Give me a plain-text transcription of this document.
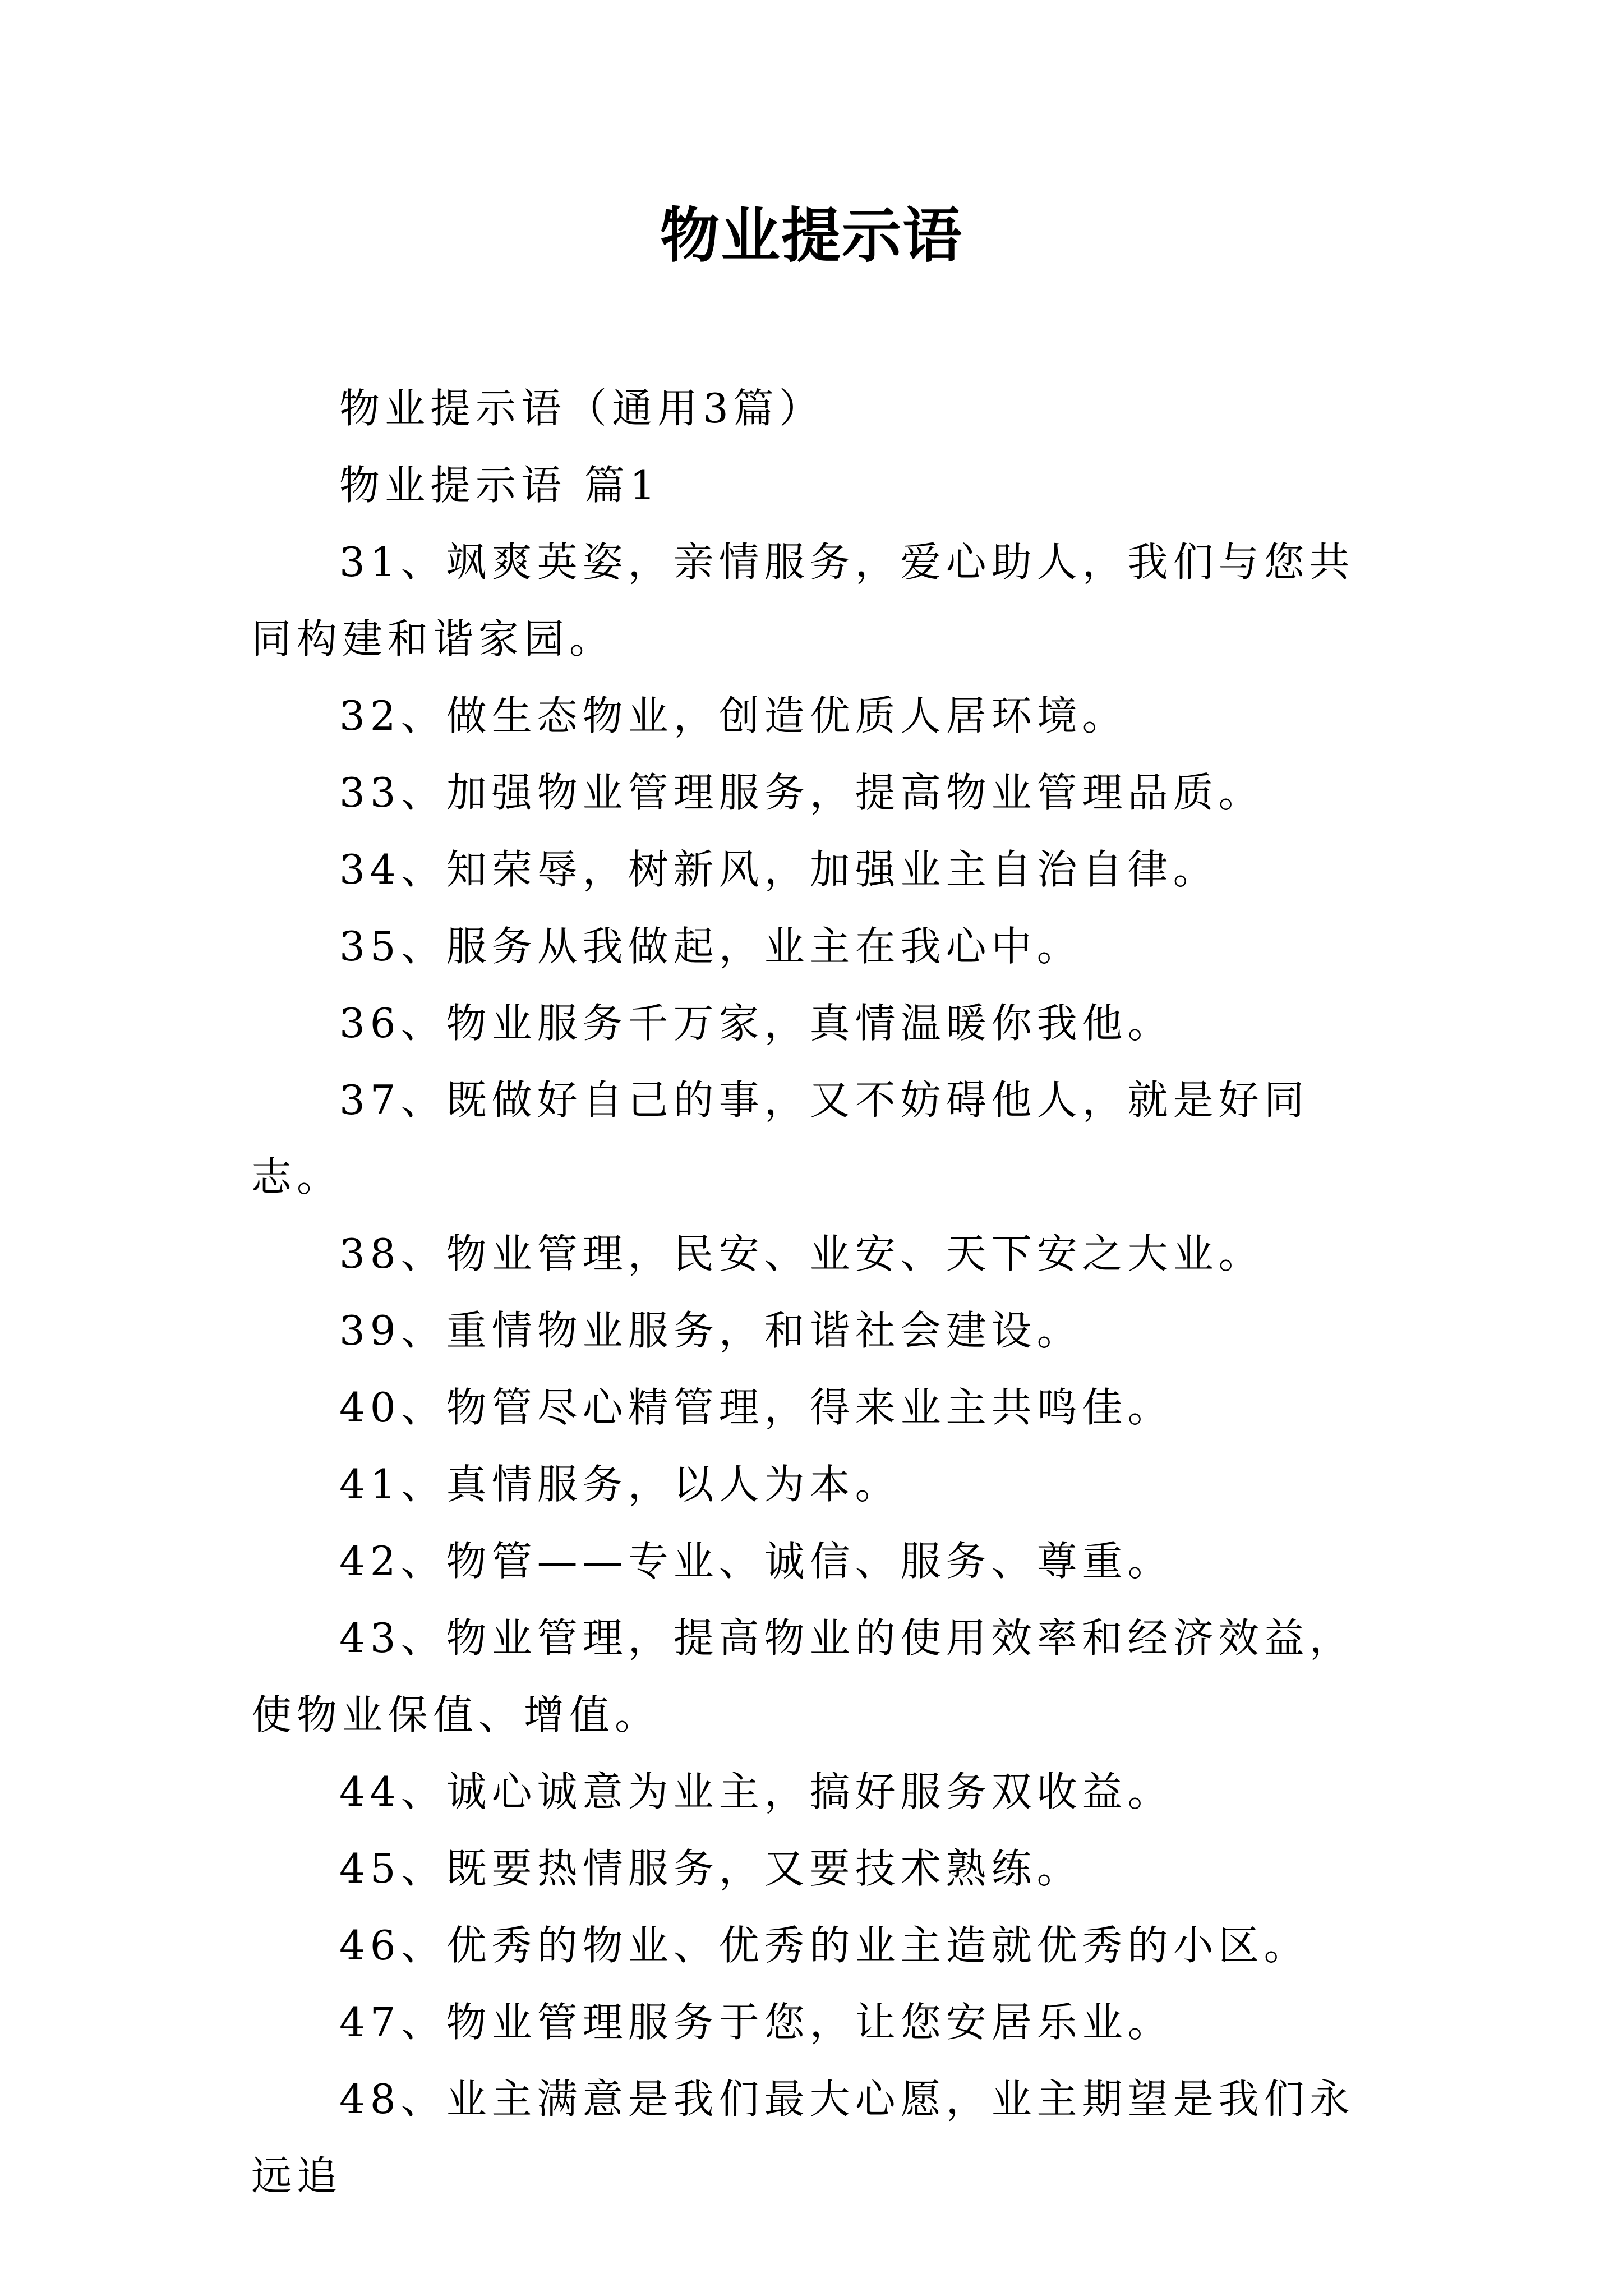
物业提示语

物业提示语（通用3篇）

物业提示语 篇1

31、飒爽英姿，亲情服务，爱心助人，我们与您共同构建和谐家园。

32、做生态物业，创造优质人居环境。

33、加强物业管理服务，提高物业管理品质。

34、知荣辱，树新风，加强业主自治自律。

35、服务从我做起，业主在我心中。

36、物业服务千万家，真情温暖你我他。

37、既做好自己的事，又不妨碍他人，就是好同志。

38、物业管理，民安、业安、天下安之大业。

39、重情物业服务，和谐社会建设。

40、物管尽心精管理，得来业主共鸣佳。

41、真情服务，以人为本。

42、物管——专业、诚信、服务、尊重。

43、物业管理，提高物业的使用效率和经济效益，使物业保值、增值。

44、诚心诚意为业主，搞好服务双收益。

45、既要热情服务，又要技术熟练。

46、优秀的物业、优秀的业主造就优秀的小区。

47、物业管理服务于您，让您安居乐业。

48、业主满意是我们最大心愿，业主期望是我们永远追
